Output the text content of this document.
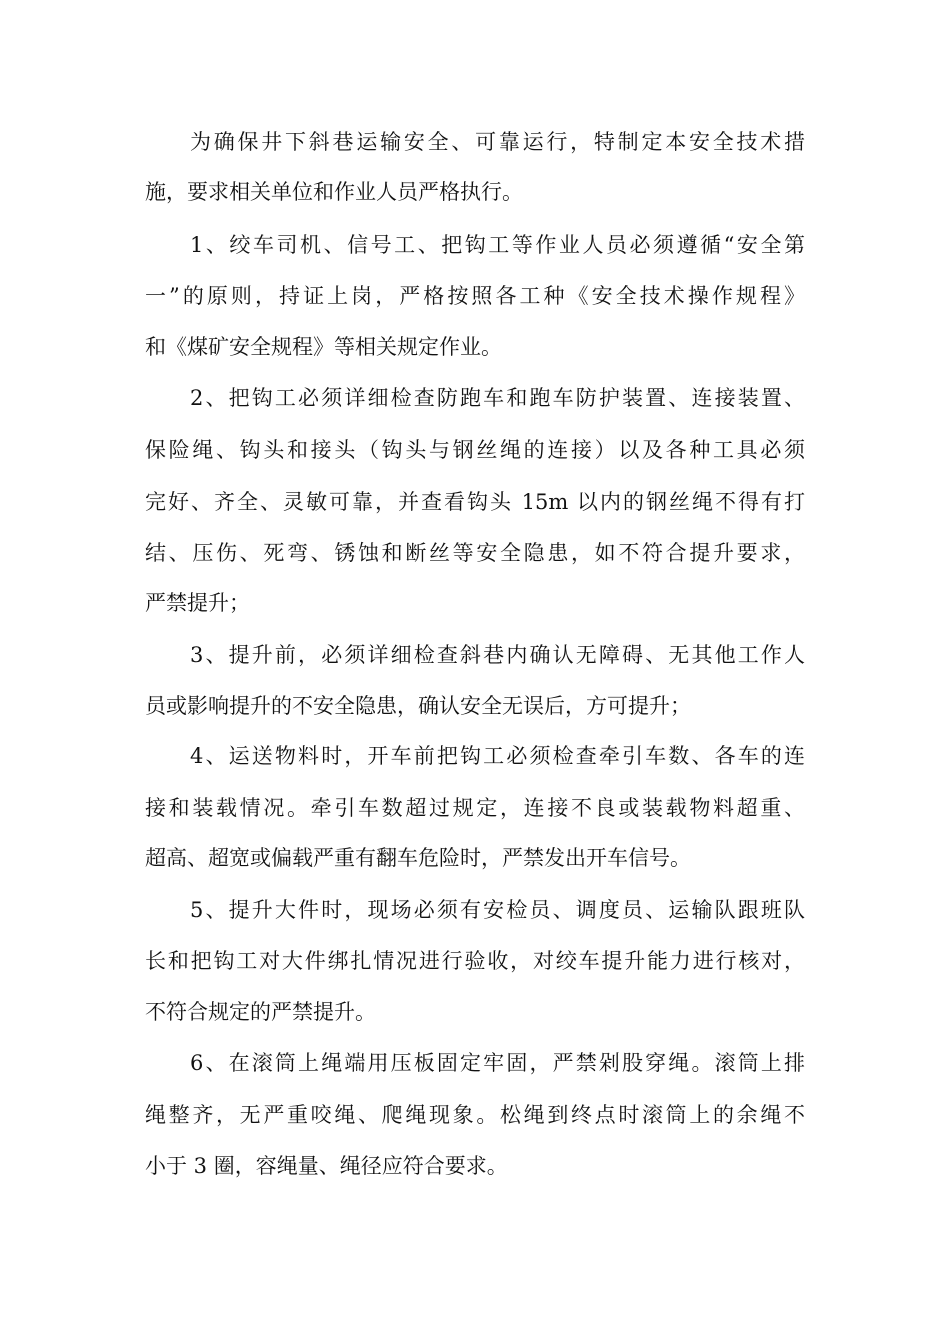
为确保井下斜巷运输安全、可靠运行，特制定本安全技术措
施，要求相关单位和作业人员严格执行。
1、绞车司机、信号工、把钩工等作业人员必须遵循“安全第
一”的原则，持证上岗，严格按照各工种《安全技术操作规程》
和《煤矿安全规程》等相关规定作业。
2、把钩工必须详细检查防跑车和跑车防护装置、连接装置、
保险绳、钩头和接头（钩头与钢丝绳的连接）以及各种工具必须
完好、齐全、灵敏可靠，并查看钩头 15m 以内的钢丝绳不得有打
结、压伤、死弯、锈蚀和断丝等安全隐患，如不符合提升要求，
严禁提升；
3、提升前，必须详细检查斜巷内确认无障碍、无其他工作人
员或影响提升的不安全隐患，确认安全无误后，方可提升；
4、运送物料时，开车前把钩工必须检查牵引车数、各车的连
接和装载情况。牵引车数超过规定，连接不良或装载物料超重、
超高、超宽或偏载严重有翻车危险时，严禁发出开车信号。
5、提升大件时，现场必须有安检员、调度员、运输队跟班队
长和把钩工对大件绑扎情况进行验收，对绞车提升能力进行核对，
不符合规定的严禁提升。
6、在滚筒上绳端用压板固定牢固，严禁剁股穿绳。滚筒上排
绳整齐，无严重咬绳、爬绳现象。松绳到终点时滚筒上的余绳不
小于 3 圈，容绳量、绳径应符合要求。
